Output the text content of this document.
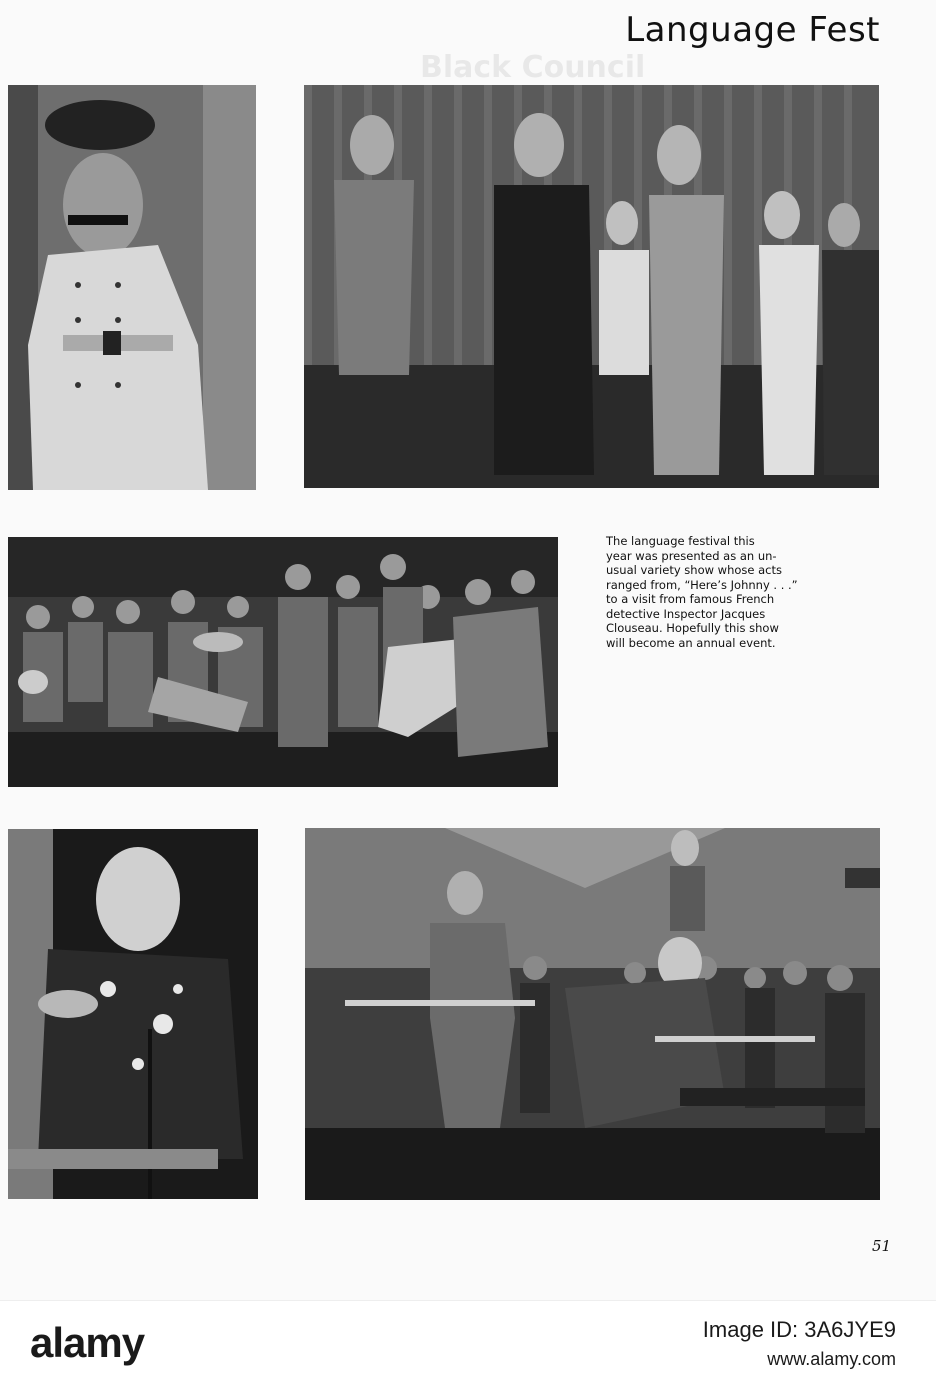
Black Council
Language Fest
The language festival this
year was presented as an un-
usual variety show whose acts
ranged from, “Here’s Johnny . . .”
to a visit from famous French
detective Inspector Jacques
Clouseau. Hopefully this show
will become an annual event.
51
alamy	Image ID: 3A6JYE9
www.alamy.com
